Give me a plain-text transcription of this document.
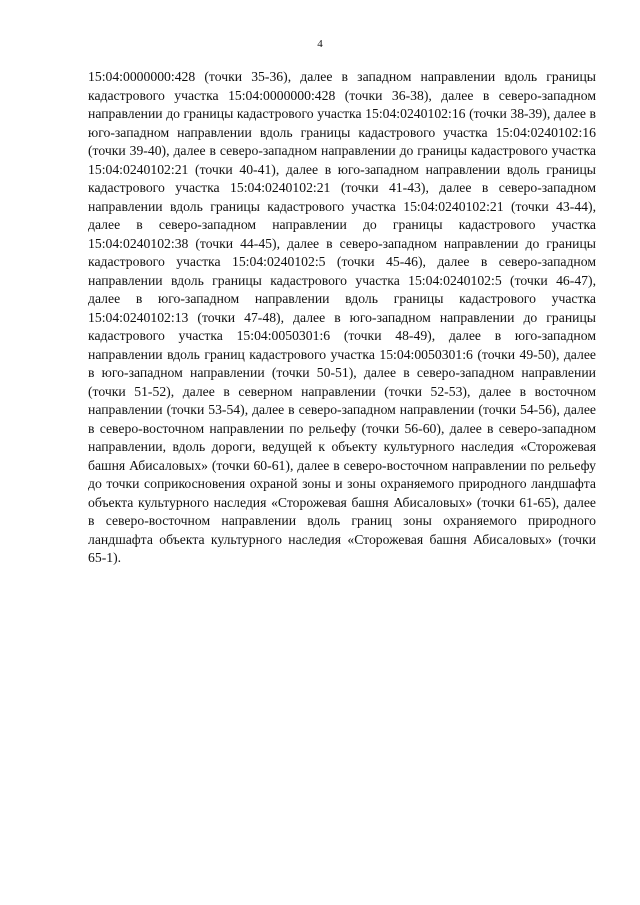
4

15:04:0000000:428 (точки 35-36), далее в западном направлении вдоль границы кадастрового участка 15:04:0000000:428 (точки 36-38), далее в северо-западном направлении до границы кадастрового участка 15:04:0240102:16 (точки 38-39), далее в юго-западном направлении вдоль границы кадастрового участка 15:04:0240102:16 (точки 39-40), далее в северо-западном направлении до границы кадастрового участка 15:04:0240102:21 (точки 40-41), далее в юго-западном направлении вдоль границы кадастрового участка 15:04:0240102:21 (точки 41-43), далее в северо-западном направлении вдоль границы кадастрового участка 15:04:0240102:21 (точки 43-44), далее в северо-западном направлении до границы кадастрового участка 15:04:0240102:38 (точки 44-45), далее в северо-западном направлении до границы кадастрового участка 15:04:0240102:5 (точки 45-46), далее в северо-западном направлении вдоль границы кадастрового участка 15:04:0240102:5 (точки 46-47), далее в юго-западном направлении вдоль границы кадастрового участка 15:04:0240102:13 (точки 47-48), далее в юго-западном направлении до границы кадастрового участка 15:04:0050301:6 (точки 48-49), далее в юго-западном направлении вдоль границ кадастрового участка 15:04:0050301:6 (точки 49-50), далее в юго-западном направлении (точки 50-51), далее в северо-западном направлении (точки 51-52), далее в северном направлении (точки 52-53), далее в восточном направлении (точки 53-54), далее в северо-западном направлении (точки 54-56), далее в северо-восточном направлении по рельефу (точки 56-60), далее в северо-западном направлении, вдоль дороги, ведущей к объекту культурного наследия «Сторожевая башня Абисаловых» (точки 60-61), далее в северо-восточном направлении по рельефу до точки соприкосновения охраной зоны и зоны охраняемого природного ландшафта объекта культурного наследия «Сторожевая башня Абисаловых» (точки 61-65), далее в северо-восточном направлении вдоль границ зоны охраняемого природного ландшафта объекта культурного наследия «Сторожевая башня Абисаловых» (точки 65-1).
